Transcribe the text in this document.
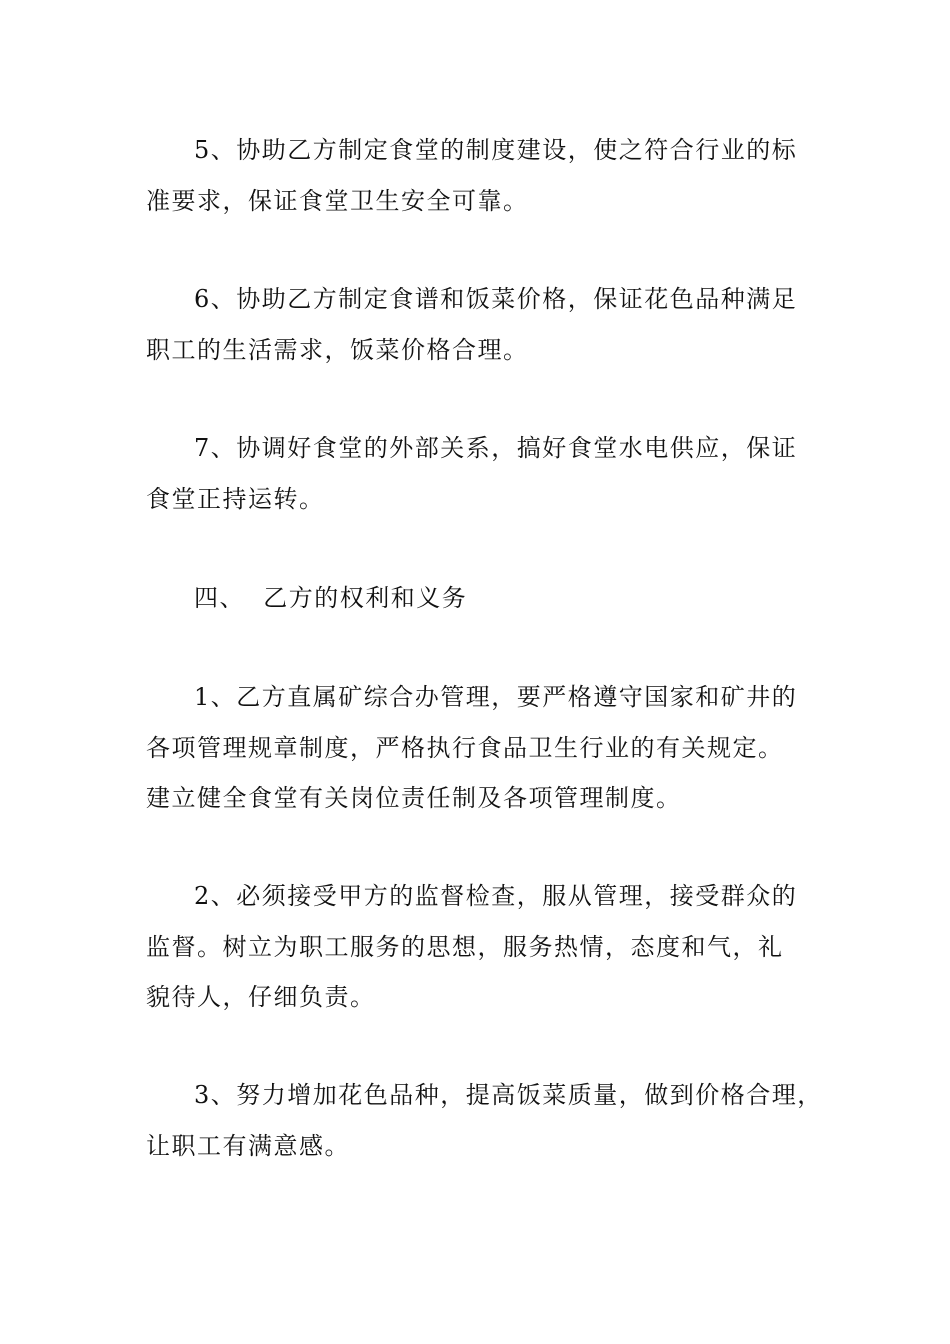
5、协助乙方制定食堂的制度建设，使之符合行业的标
准要求，保证食堂卫生安全可靠。
6、协助乙方制定食谱和饭菜价格，保证花色品种满足
职工的生活需求，饭菜价格合理。
7、协调好食堂的外部关系，搞好食堂水电供应，保证
食堂正持运转。
四、  乙方的权利和义务
1、乙方直属矿综合办管理，要严格遵守国家和矿井的
各项管理规章制度，严格执行食品卫生行业的有关规定。
建立健全食堂有关岗位责任制及各项管理制度。
2、必须接受甲方的监督检查，服从管理，接受群众的
监督。树立为职工服务的思想，服务热情，态度和气，礼
貌待人，仔细负责。
3、努力增加花色品种，提高饭菜质量，做到价格合理，
让职工有满意感。
